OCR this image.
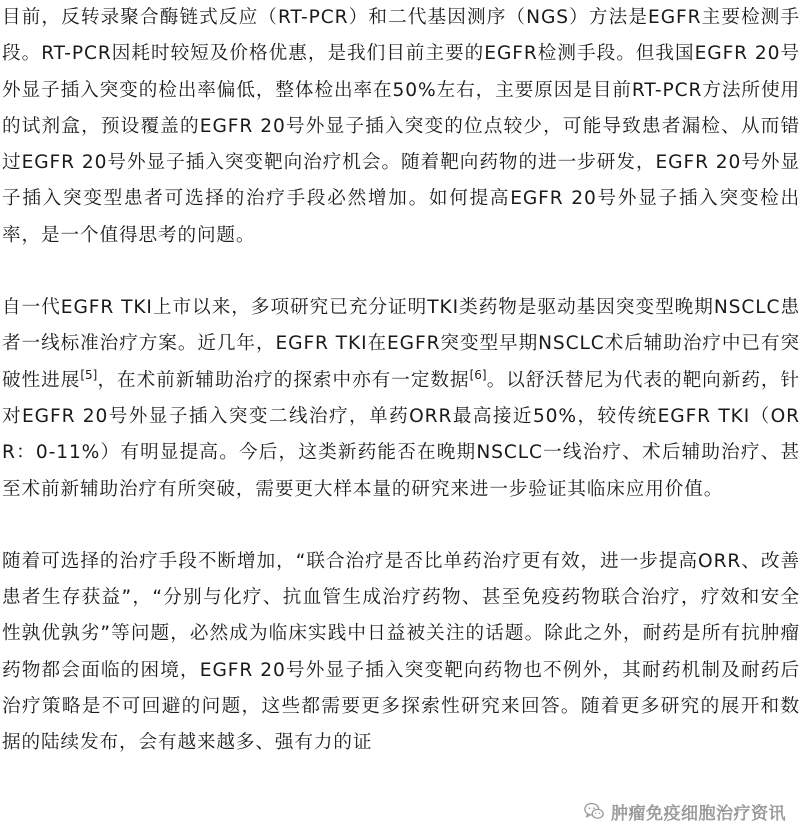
目前，反转录聚合酶链式反应（RT-PCR）和二代基因测序（NGS）方法是EGFR主要检测手段。RT-PCR因耗时较短及价格优惠，是我们目前主要的EGFR检测手段。但我国EGFR 20号外显子插入突变的检出率偏低，整体检出率在50%左右，主要原因是目前RT-PCR方法所使用的试剂盒，预设覆盖的EGFR 20号外显子插入突变的位点较少，可能导致患者漏检、从而错过EGFR 20号外显子插入突变靶向治疗机会。随着靶向药物的进一步研发，EGFR 20号外显子插入突变型患者可选择的治疗手段必然增加。如何提高EGFR 20号外显子插入突变检出率，是一个值得思考的问题。

自一代EGFR TKI上市以来，多项研究已充分证明TKI类药物是驱动基因突变型晚期NSCLC患者一线标准治疗方案。近几年，EGFR TKI在EGFR突变型早期NSCLC术后辅助治疗中已有突破性进展[5]，在术前新辅助治疗的探索中亦有一定数据[6]。以舒沃替尼为代表的靶向新药，针对EGFR 20号外显子插入突变二线治疗，单药ORR最高接近50%，较传统EGFR TKI（ORR：0-11%）有明显提高。今后，这类新药能否在晚期NSCLC一线治疗、术后辅助治疗、甚至术前新辅助治疗有所突破，需要更大样本量的研究来进一步验证其临床应用价值。

随着可选择的治疗手段不断增加，“联合治疗是否比单药治疗更有效，进一步提高ORR、改善患者生存获益”，“分别与化疗、抗血管生成治疗药物、甚至免疫药物联合治疗，疗效和安全性孰优孰劣”等问题，必然成为临床实践中日益被关注的话题。除此之外，耐药是所有抗肿瘤药物都会面临的困境，EGFR 20号外显子插入突变靶向药物也不例外，其耐药机制及耐药后治疗策略是不可回避的问题，这些都需要更多探索性研究来回答。随着更多研究的展开和数据的陆续发布，会有越来越多、强有力的证

肿瘤免疫细胞治疗资讯
